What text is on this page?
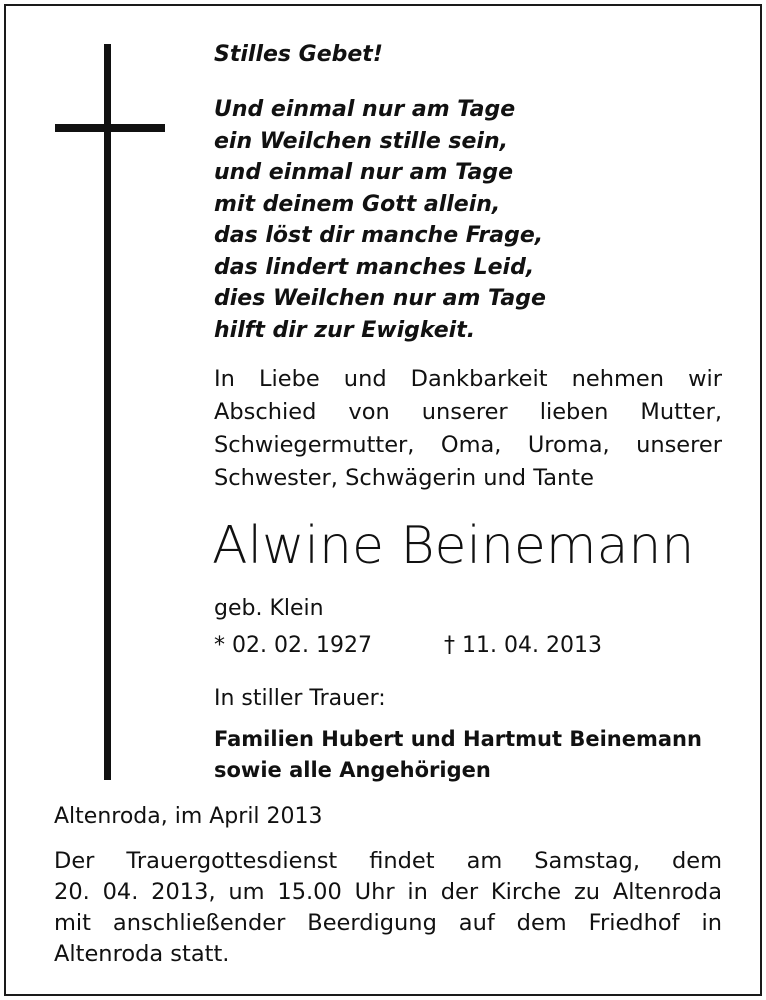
Stilles Gebet!
Und einmal nur am Tage
ein Weilchen stille sein,
und einmal nur am Tage
mit deinem Gott allein,
das löst dir manche Frage,
das lindert manches Leid,
dies Weilchen nur am Tage
hilft dir zur Ewigkeit.
In Liebe und Dankbarkeit nehmen wir
Abschied von unserer lieben Mutter,
Schwiegermutter, Oma, Uroma, unserer
Schwester, Schwägerin und Tante
Alwine Beinemann
geb. Klein
* 02. 02. 1927	† 11. 04. 2013
In stiller Trauer:
Familien Hubert und Hartmut Beinemann
sowie alle Angehörigen
Altenroda, im April 2013
Der Trauergottesdienst findet am Samstag, dem
20. 04. 2013, um 15.00 Uhr in der Kirche zu Altenroda
mit anschließender Beerdigung auf dem Friedhof in
Altenroda statt.
